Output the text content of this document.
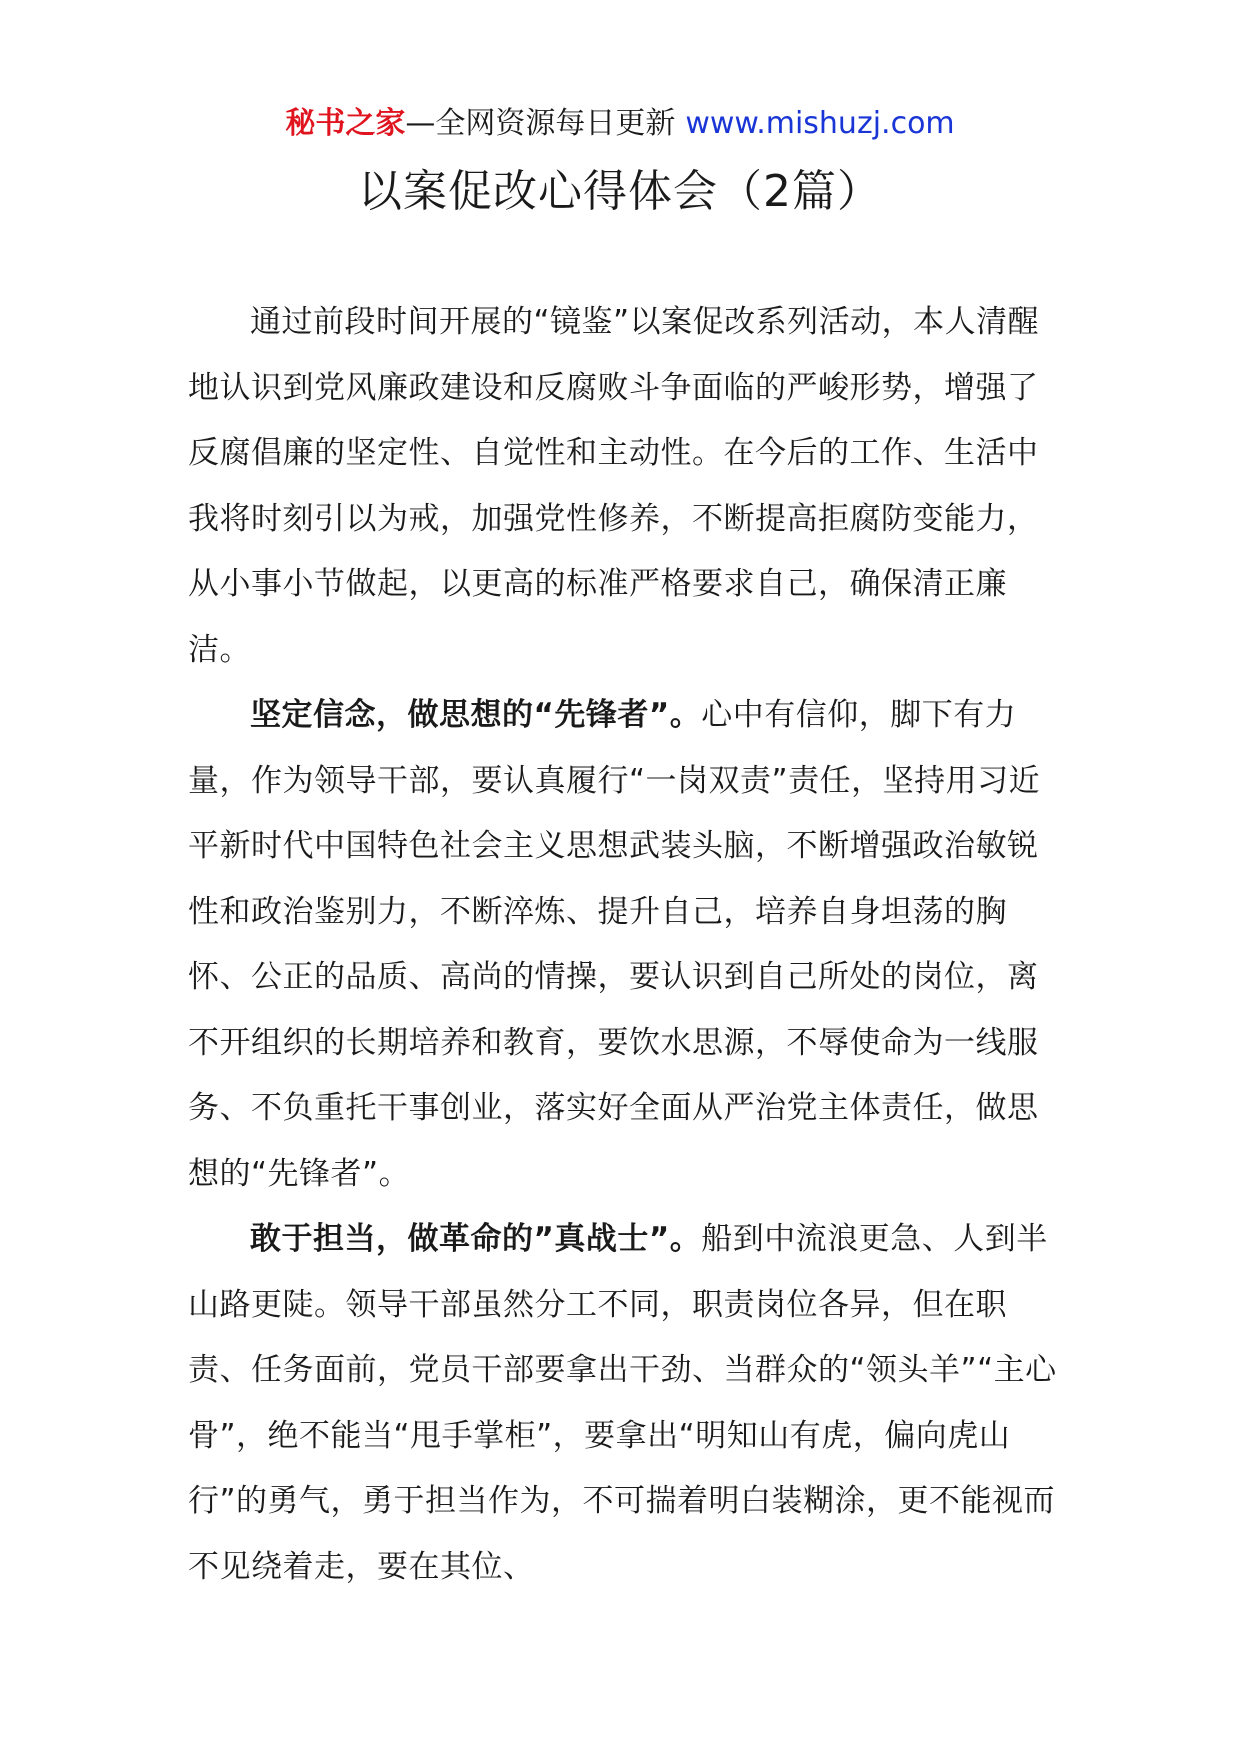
秘书之家—全网资源每日更新 www.mishuzj.com
以案促改心得体会（2篇）

通过前段时间开展的“镜鉴”以案促改系列活动，本人清醒地认识到党风廉政建设和反腐败斗争面临的严峻形势，增强了反腐倡廉的坚定性、自觉性和主动性。在今后的工作、生活中我将时刻引以为戒，加强党性修养，不断提高拒腐防变能力，从小事小节做起，以更高的标准严格要求自己，确保清正廉洁。

坚定信念，做思想的“先锋者”。心中有信仰，脚下有力量，作为领导干部，要认真履行“一岗双责”责任，坚持用习近平新时代中国特色社会主义思想武装头脑，不断增强政治敏锐性和政治鉴别力，不断淬炼、提升自己，培养自身坦荡的胸怀、公正的品质、高尚的情操，要认识到自己所处的岗位，离不开组织的长期培养和教育，要饮水思源，不辱使命为一线服务、不负重托干事创业，落实好全面从严治党主体责任，做思想的“先锋者”。

敢于担当，做革命的”真战士”。船到中流浪更急、人到半山路更陡。领导干部虽然分工不同，职责岗位各异，但在职责、任务面前，党员干部要拿出干劲、当群众的“领头羊”“主心骨”，绝不能当“甩手掌柜”，要拿出“明知山有虎，偏向虎山行”的勇气，勇于担当作为，不可揣着明白装糊涂，更不能视而不见绕着走，要在其位、
